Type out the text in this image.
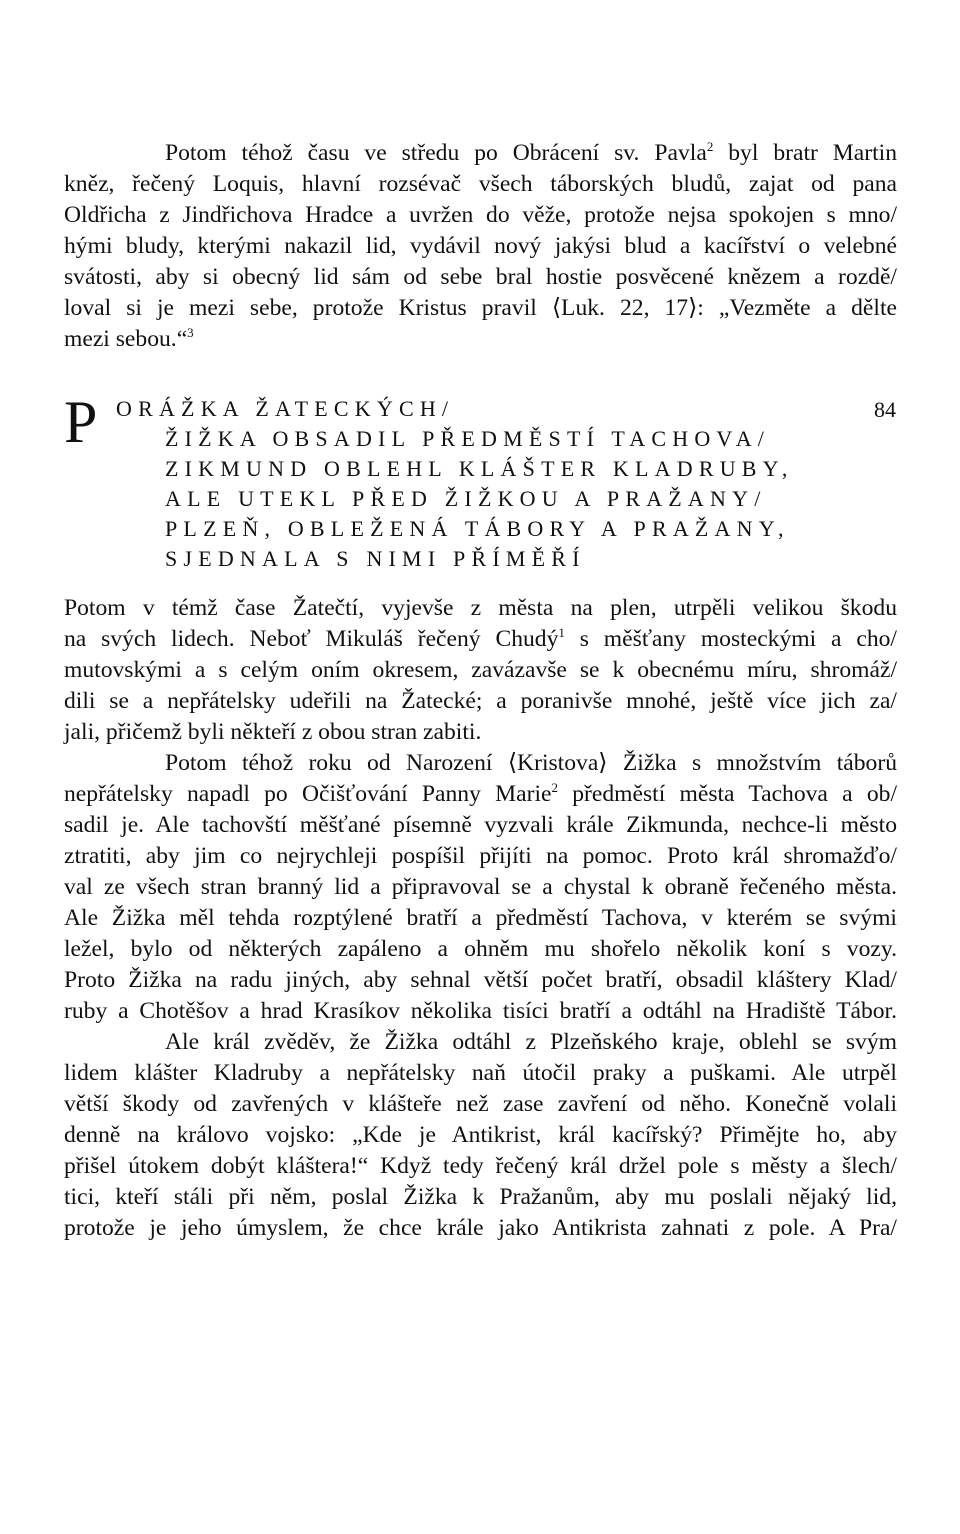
Potom téhož času ve středu po Obrácení sv. Pavla$^2$ byl bratr Martin
kněz, řečený Loquis, hlavní rozsévač všech táborských bludů, zajat od pana
Oldřicha z Jindřichova Hradce a uvržen do věže, protože nejsa spokojen s mno/
hými bludy, kterými nakazil lid, vydávil nový jakýsi blud a kacířství o velebné
svátosti, aby si obecný lid sám od sebe bral hostie posvěcené knězem a rozdě/
loval si je mezi sebe, protože Kristus pravil ⟨Luk. 22, 17⟩: „Vezměte a dělte
mezi sebou.“$^3$
P ORÁŽKA ŽATECKÝCH/
ŽIŽKA OBSADIL PŘEDMĚSTÍ TACHOVA/
ZIKMUND OBLEHL KLÁŠTER KLADRUBY,
ALE UTEKL PŘED ŽIŽKOU A PRAŽANY/
PLZEŇ, OBLEŽENÁ TÁBORY A PRAŽANY,
SJEDNALA S NIMI PŘÍMĚŘÍ
84
Potom v témž čase Žatečtí, vyjevše z města na plen, utrpěli velikou škodu
na svých lidech. Neboť Mikuláš řečený Chudý$^1$ s měšťany mosteckými a cho/
mutovskými a s celým oním okresem, zavázavše se k obecnému míru, shromáž/
dili se a nepřátelsky udeřili na Žatecké; a poranivše mnohé, ještě více jich za/
jali, přičemž byli někteří z obou stran zabiti.
Potom téhož roku od Narození ⟨Kristova⟩ Žižka s množstvím táborů
nepřátelsky napadl po Očišťování Panny Marie$^2$ předměstí města Tachova a ob/
sadil je. Ale tachovští měšťané písemně vyzvali krále Zikmunda, nechce-li město
ztratiti, aby jim co nejrychleji pospíšil přijíti na pomoc. Proto král shromažďo/
val ze všech stran branný lid a připravoval se a chystal k obraně řečeného města.
Ale Žižka měl tehda rozptýlené bratří a předměstí Tachova, v kterém se svými
ležel, bylo od některých zapáleno a ohněm mu shořelo několik koní s vozy.
Proto Žižka na radu jiných, aby sehnal větší počet bratří, obsadil kláštery Klad/
ruby a Chotěšov a hrad Krasíkov několika tisíci bratří a odtáhl na Hradiště Tábor.
Ale král zvěděv, že Žižka odtáhl z Plzeňského kraje, oblehl se svým
lidem klášter Kladruby a nepřátelsky naň útočil praky a puškami. Ale utrpěl
větší škody od zavřených v klášteře než zase zavření od něho. Konečně volali
denně na královo vojsko: „Kde je Antikrist, král kacířský? Přimějte ho, aby
přišel útokem dobýt kláštera!“ Když tedy řečený král držel pole s městy a šlech/
tici, kteří stáli při něm, poslal Žižka k Pražanům, aby mu poslali nějaký lid,
protože je jeho úmyslem, že chce krále jako Antikrista zahnati z pole. A Pra/
